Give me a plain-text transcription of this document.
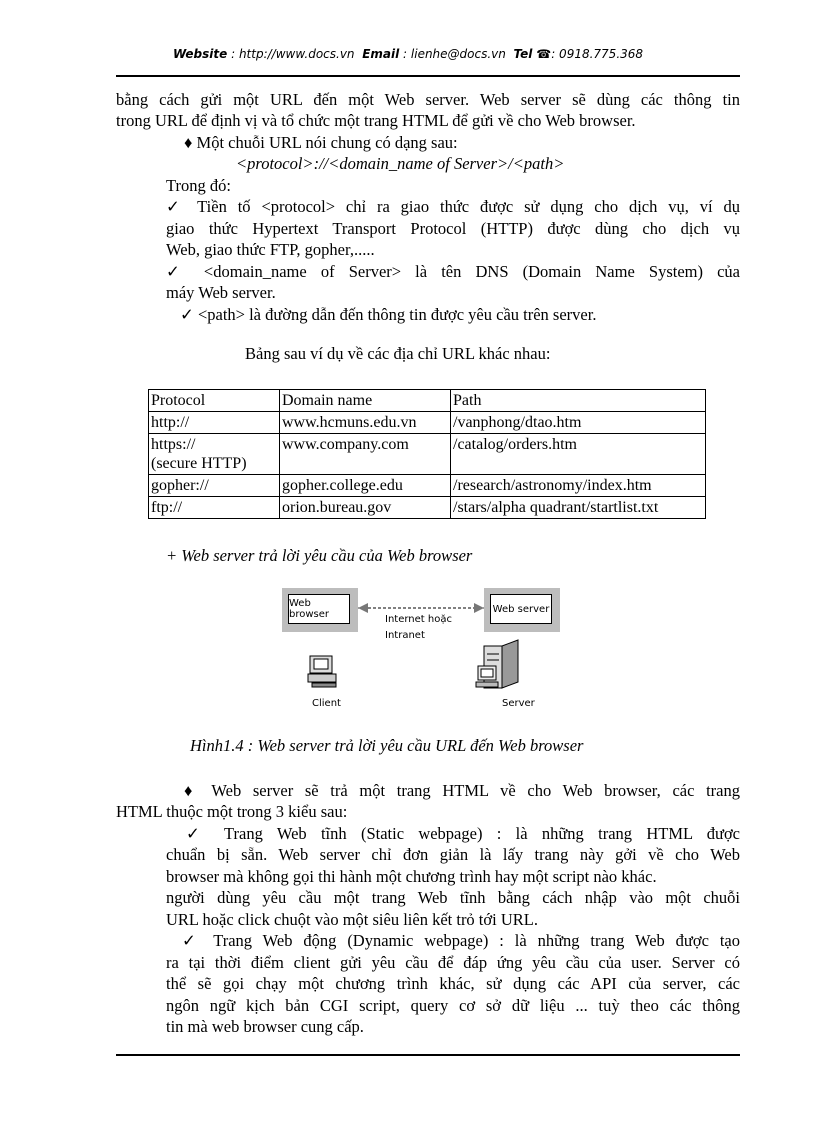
Website : http://www.docs.vn Email : lienhe@docs.vn Tel ☎: 0918.775.368
bằng cách gửi một URL đến một Web server. Web server sẽ dùng các thông tin
trong URL để định vị và tổ chức một trang HTML để gửi về cho Web browser.
♦ Một chuỗi URL nói chung có dạng sau:
<protocol>://<domain_name of Server>/<path>
Trong đó:
✓ Tiền tố <protocol> chỉ ra giao thức được sử dụng cho dịch vụ, ví dụ
giao thức Hypertext Transport Protocol (HTTP) được dùng cho dịch vụ
Web, giao thức FTP, gopher,.....
✓ <domain_name of Server> là tên DNS (Domain Name System) của
máy Web server.
✓ <path> là đường dẫn đến thông tin được yêu cầu trên server.
Bảng sau ví dụ về các địa chỉ URL khác nhau:
Protocol	Domain name	Path
http://	www.hcmuns.edu.vn	/vanphong/dtao.htm
https://
(secure HTTP)	www.company.com	/catalog/orders.htm
gopher://	gopher.college.edu	/research/astronomy/index.htm
ftp://	orion.bureau.gov	/stars/alpha quadrant/startlist.txt
+ Web server trả lời yêu cầu của Web browser
Web browser	Web server
Internet hoặc
Intranet
Client	Server
Hình1.4 : Web server trả lời yêu cầu URL đến Web browser
♦ Web server sẽ trả một trang HTML về cho Web browser, các trang
HTML thuộc một trong 3 kiểu sau:
✓ Trang Web tĩnh (Static webpage) : là những trang HTML được
chuẩn bị sẵn. Web server chỉ đơn giản là lấy trang này gởi về cho Web
browser mà không gọi thi hành một chương trình hay một script nào khác.
người dùng yêu cầu một trang Web tĩnh bằng cách nhập vào một chuỗi
URL hoặc click chuột vào một siêu liên kết trỏ tới URL.
✓ Trang Web động (Dynamic webpage) : là những trang Web được tạo
ra tại thời điểm client gửi yêu cầu để đáp ứng yêu cầu của user. Server có
thể sẽ gọi chạy một chương trình khác, sử dụng các API của server, các
ngôn ngữ kịch bản CGI script, query cơ sở dữ liệu ... tuỳ theo các thông
tin mà web browser cung cấp.
